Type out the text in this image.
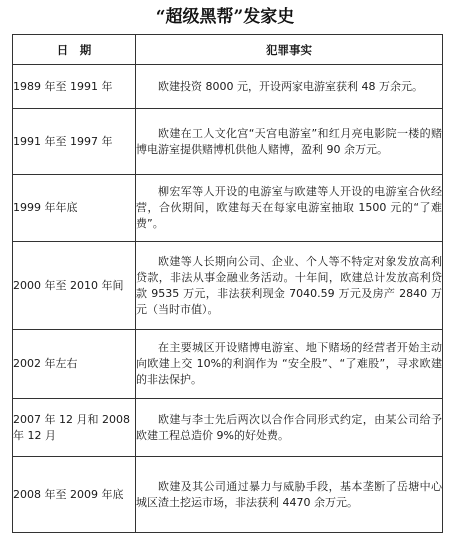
“超级黑帮”发家史
日　期	犯罪事实
1989 年至 1991 年	欧建投资 8000 元，开设两家电游室获利 48 万余元。
1991 年至 1997 年	欧建在工人文化宫“天宫电游室”和红月亮电影院一楼的赌博电游室提供赌博机供他人赌博，盈利 90 余万元。
1999 年年底	柳宏军等人开设的电游室与欧建等人开设的电游室合伙经营，合伙期间，欧建每天在每家电游室抽取 1500 元的“了难费”。
2000 年至 2010 年间	欧建等人长期向公司、企业、个人等不特定对象发放高利贷款，非法从事金融业务活动。十年间，欧建总计发放高利贷款 9535 万元，非法获利现金 7040.59 万元及房产 2840 万元（当时市值）。
2002 年左右	在主要城区开设赌博电游室、地下赌场的经营者开始主动向欧建上交 10%的利润作为 “安全股”、“了难股”，寻求欧建的非法保护。
2007 年 12 月和 2008 年 12 月	欧建与李士先后两次以合作合同形式约定，由某公司给予欧建工程总造价 9%的好处费。
2008 年至 2009 年底	欧建及其公司通过暴力与威胁手段，基本垄断了岳塘中心城区渣土挖运市场，非法获利 4470 余万元。
